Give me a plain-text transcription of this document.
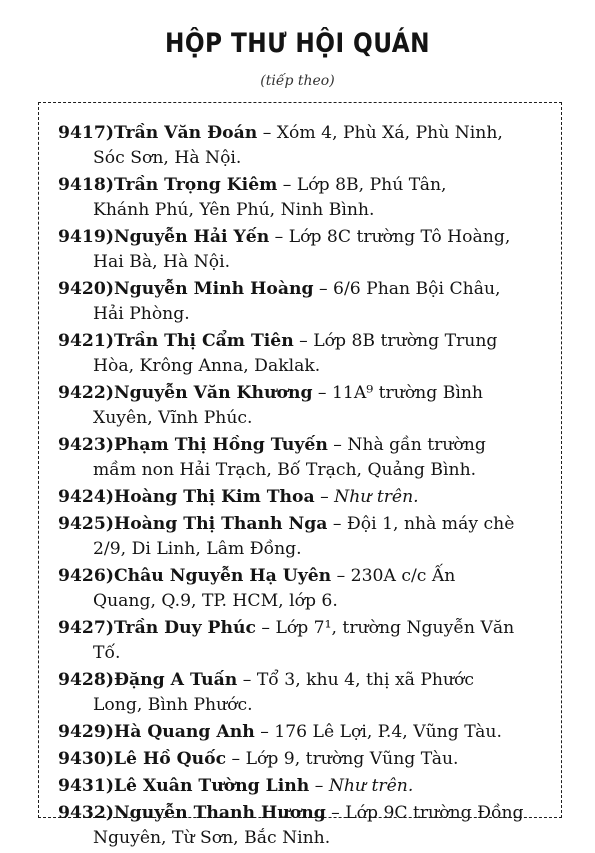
HỘP THƯ HỘI QUÁN
(tiếp theo)
9417)Trần Văn Đoán – Xóm 4, Phù Xá, Phù Ninh,
Sóc Sơn, Hà Nội.
9418)Trần Trọng Kiêm – Lớp 8B, Phú Tân,
Khánh Phú, Yên Phú, Ninh Bình.
9419)Nguyễn Hải Yến – Lớp 8C trường Tô Hoàng,
Hai Bà, Hà Nội.
9420)Nguyễn Minh Hoàng – 6/6 Phan Bội Châu,
Hải Phòng.
9421)Trần Thị Cẩm Tiên – Lớp 8B trường Trung
Hòa, Krông Anna, Daklak.
9422)Nguyễn Văn Khương – 11A⁹ trường Bình
Xuyên, Vĩnh Phúc.
9423)Phạm Thị Hồng Tuyến – Nhà gần trường
mầm non Hải Trạch, Bố Trạch, Quảng Bình.
9424)Hoàng Thị Kim Thoa – Như trên.
9425)Hoàng Thị Thanh Nga – Đội 1, nhà máy chè
2/9, Di Linh, Lâm Đồng.
9426)Châu Nguyễn Hạ Uyên – 230A c/c Ấn
Quang, Q.9, TP. HCM, lớp 6.
9427)Trần Duy Phúc – Lớp 7¹, trường Nguyễn Văn
Tố.
9428)Đặng A Tuấn – Tổ 3, khu 4, thị xã Phước
Long, Bình Phước.
9429)Hà Quang Anh – 176 Lê Lợi, P.4, Vũng Tàu.
9430)Lê Hồ Quốc – Lớp 9, trường Vũng Tàu.
9431)Lê Xuân Tường Linh – Như trên.
9432)Nguyễn Thanh Hương – Lớp 9C trường Đồng
Nguyên, Từ Sơn, Bắc Ninh.
